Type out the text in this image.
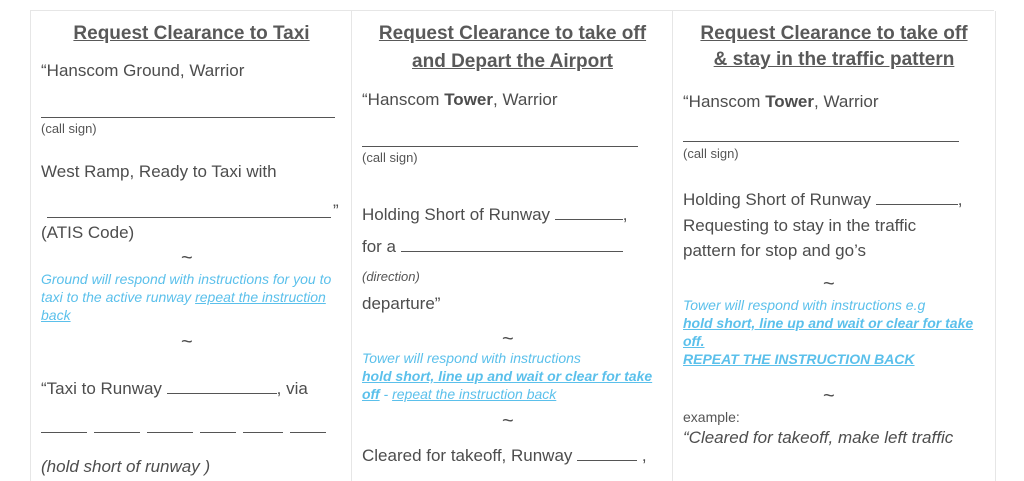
Request Clearance to Taxi
“Hanscom Ground, Warrior
(call sign)
West Ramp, Ready to Taxi with
”
(ATIS Code)
~
Ground will respond with instructions for you to taxi to the active runway repeat the instruction back
~
“Taxi to Runway	, via
(hold short of runway )
Request Clearance to take off
and Depart the Airport
“Hanscom Tower, Warrior
(call sign)
Holding Short of Runway	,
for a
(direction)
departure”
~
Tower will respond with instructions
hold short, line up and wait or clear for take off - repeat the instruction back
~
Cleared for takeoff, Runway	,
Request Clearance to take off
& stay in the traffic pattern
“Hanscom Tower, Warrior
(call sign)
Holding Short of Runway	,
Requesting to stay in the traffic
pattern for stop and go’s
~
Tower will respond with instructions e.g
hold short, line up and wait or clear for take off.
REPEAT THE INSTRUCTION BACK
~
example:
“Cleared for takeoff, make left traffic
